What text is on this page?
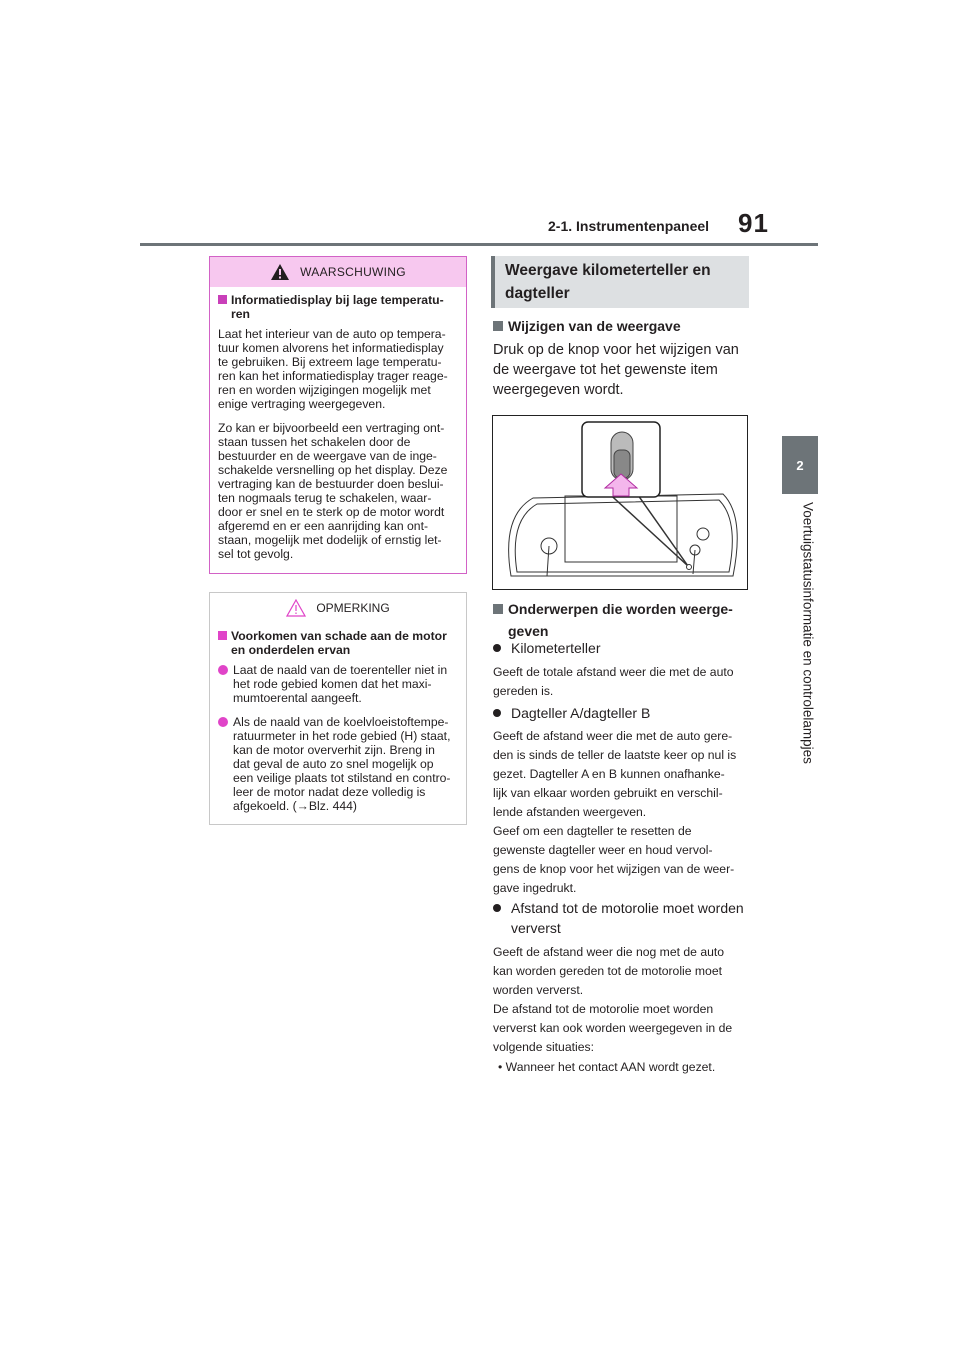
2-1. Instrumentenpaneel 91
2
Voertuigstatusinformatie en controlelampjes
WAARSCHUWING
Informatiedisplay bij lage temperatu-
ren

Laat het interieur van de auto op tempera-
tuur komen alvorens het informatiedisplay
te gebruiken. Bij extreem lage temperatu-
ren kan het informatiedisplay trager reage-
ren en worden wijzigingen mogelijk met
enige vertraging weergegeven.

Zo kan er bijvoorbeeld een vertraging ont-
staan tussen het schakelen door de
bestuurder en de weergave van de inge-
schakelde versnelling op het display. Deze
vertraging kan de bestuurder doen beslui-
ten nogmaals terug te schakelen, waar-
door er snel en te sterk op de motor wordt
afgeremd en er een aanrijding kan ont-
staan, mogelijk met dodelijk of ernstig let-
sel tot gevolg.

OPMERKING
Voorkomen van schade aan de motor
en onderdelen ervan
Laat de naald van de toerenteller niet in
het rode gebied komen dat het maxi-
mumtoerental aangeeft.
Als de naald van de koelvloeistoftempe-
ratuurmeter in het rode gebied (H) staat,
kan de motor oververhit zijn. Breng in
dat geval de auto zo snel mogelijk op
een veilige plaats tot stilstand en contro-
leer de motor nadat deze volledig is
afgekoeld. (→Blz. 444)
Weergave kilometerteller en
dagteller
Wijzigen van de weergave
Druk op de knop voor het wijzigen van
de weergave tot het gewenste item
weergegeven wordt.
Onderwerpen die worden weerge-
geven
Kilometerteller
Geeft de totale afstand weer die met de auto
gereden is.
Dagteller A/dagteller B
Geeft de afstand weer die met de auto gere-
den is sinds de teller de laatste keer op nul is
gezet. Dagteller A en B kunnen onafhanke-
lijk van elkaar worden gebruikt en verschil-
lende afstanden weergeven.
Geef om een dagteller te resetten de
gewenste dagteller weer en houd vervol-
gens de knop voor het wijzigen van de weer-
gave ingedrukt.
Afstand tot de motorolie moet worden
ververst
Geeft de afstand weer die nog met de auto
kan worden gereden tot de motorolie moet
worden ververst.
De afstand tot de motorolie moet worden
ververst kan ook worden weergegeven in de
volgende situaties:
• Wanneer het contact AAN wordt gezet.
